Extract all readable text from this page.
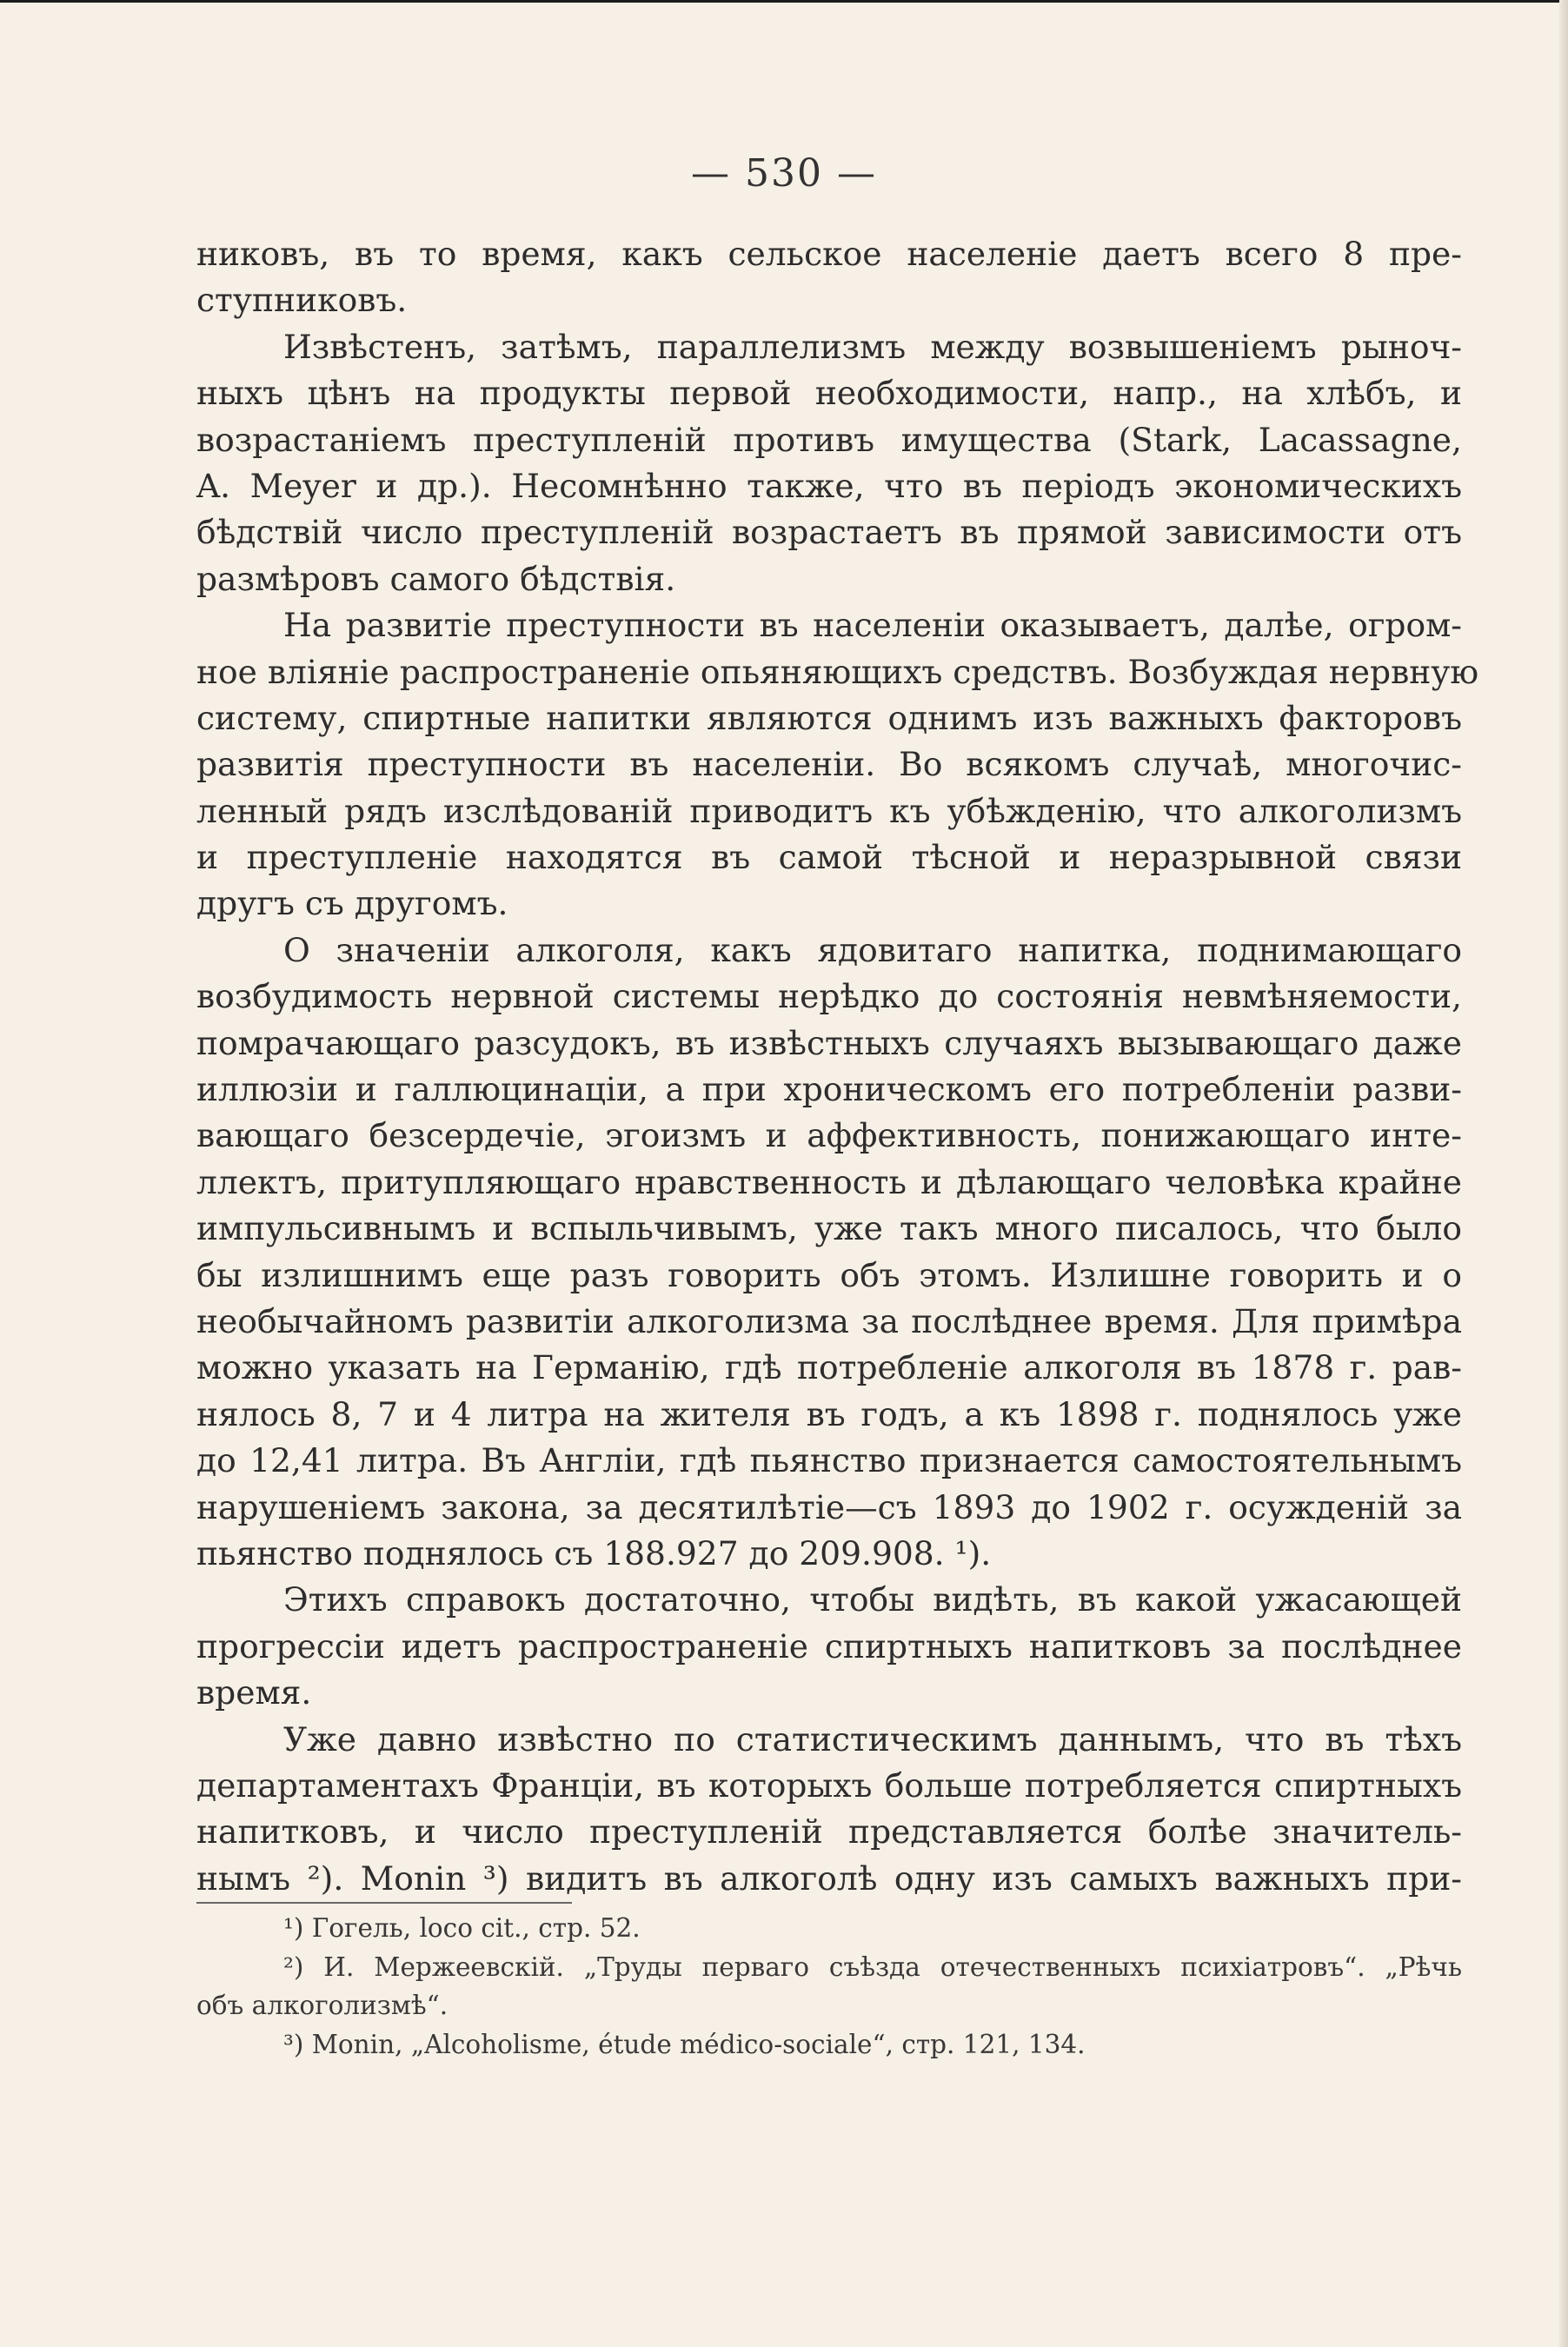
— 530 —
никовъ, въ то время, какъ сельское населеніе даетъ всего 8 пре-
ступниковъ.
Извѣстенъ, затѣмъ, параллелизмъ между возвышеніемъ рыноч-
ныхъ цѣнъ на продукты первой необходимости, напр., на хлѣбъ, и
возрастаніемъ преступленій противъ имущества (Stark, Lacassagne,
A. Meyer и др.). Несомнѣнно также, что въ періодъ экономическихъ
бѣдствій число преступленій возрастаетъ въ прямой зависимости отъ
размѣровъ самого бѣдствія.
На развитіе преступности въ населеніи оказываетъ, далѣе, огром-
ное вліяніе распространеніе опьяняющихъ средствъ. Возбуждая нервную
систему, спиртные напитки являются однимъ изъ важныхъ факторовъ
развитія преступности въ населеніи. Во всякомъ случаѣ, многочис-
ленный рядъ изслѣдованій приводитъ къ убѣжденію, что алкоголизмъ
и преступленіе находятся въ самой тѣсной и неразрывной связи
другъ съ другомъ.
О значеніи алкоголя, какъ ядовитаго напитка, поднимающаго
возбудимость нервной системы нерѣдко до состоянія невмѣняемости,
помрачающаго разсудокъ, въ извѣстныхъ случаяхъ вызывающаго даже
иллюзіи и галлюцинаціи, а при хроническомъ его потребленіи разви-
вающаго безсердечіе, эгоизмъ и аффективность, понижающаго инте-
ллектъ, притупляющаго нравственность и дѣлающаго человѣка крайне
импульсивнымъ и вспыльчивымъ, уже такъ много писалось, что было
бы излишнимъ еще разъ говорить объ этомъ. Излишне говорить и о
необычайномъ развитіи алкоголизма за послѣднее время. Для примѣра
можно указать на Германію, гдѣ потребленіе алкоголя въ 1878 г. рав-
нялось 8, 7 и 4 литра на жителя въ годъ, а къ 1898 г. поднялось уже
до 12,41 литра. Въ Англіи, гдѣ пьянство признается самостоятельнымъ
нарушеніемъ закона, за десятилѣтіе—съ 1893 до 1902 г. осужденій за
пьянство поднялось съ 188.927 до 209.908. ¹).
Этихъ справокъ достаточно, чтобы видѣть, въ какой ужасающей
прогрессіи идетъ распространеніе спиртныхъ напитковъ за послѣднее
время.
Уже давно извѣстно по статистическимъ даннымъ, что въ тѣхъ
департаментахъ Франціи, въ которыхъ больше потребляется спиртныхъ
напитковъ, и число преступленій представляется болѣе значитель-
нымъ ²). Monin ³) видитъ въ алкоголѣ одну изъ самыхъ важныхъ при-
¹) Гогель, loco cit., стр. 52.
²) И. Мержеевскій. „Труды перваго съѣзда отечественныхъ психіатровъ“. „Рѣчь
объ алкоголизмѣ“.
³) Monin, „Alcoholisme, étude médico-sociale“, стр. 121, 134.
